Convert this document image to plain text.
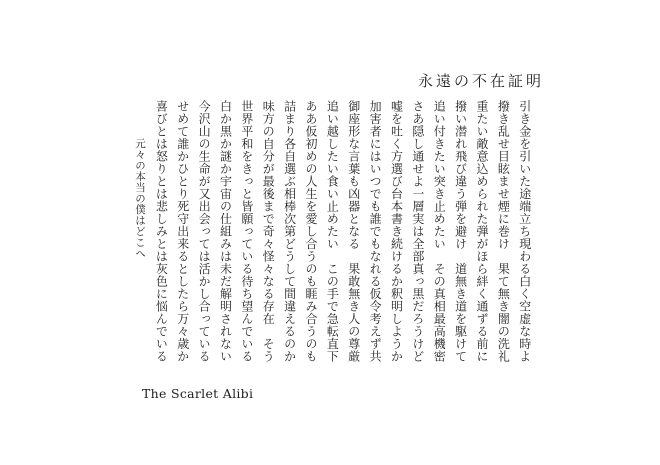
永遠の不在証明
引き金を引いた途端立ち現わる白く空虚な時よ
撥き乱せ目眩ませ煙に巻け　果て無き闇の洗礼
重たい敵意込められた弾がほら絆く通ずる前に
撥い潜れ飛び違う弾を避け　道無き道を駆けて
追い付きたい突き止めたい　その真相最高機密
さあ隠し通せよ一層実は全部真っ黒だろうけど
嘘を吐く方選び台本書き続けるか釈明しようか
加害者にはいつでも誰でもなれる仮令考えず共
御座形な言葉も凶器となる　果敢無き人の尊厳
追い越したい食い止めたい　この手で急転直下
ああ仮初めの人生を愛し合うのも睚み合うのも
詰まり各自選ぶ相棒次第どうして間違えるのか
味方の自分が最後まで奇々怪々なる存在　そう
世界平和をきっと皆願っている待ち望んでいる
白か黒か謎か宇宙の仕組みは未だ解明されない
今沢山の生命が又出会っては活かし合っている
せめて誰かひとり死守出来るとしたら万々歳か
喜びとは怒りとは悲しみとは灰色に悩んでいる
元々の本当の僕はどこへ
The Scarlet Alibi
